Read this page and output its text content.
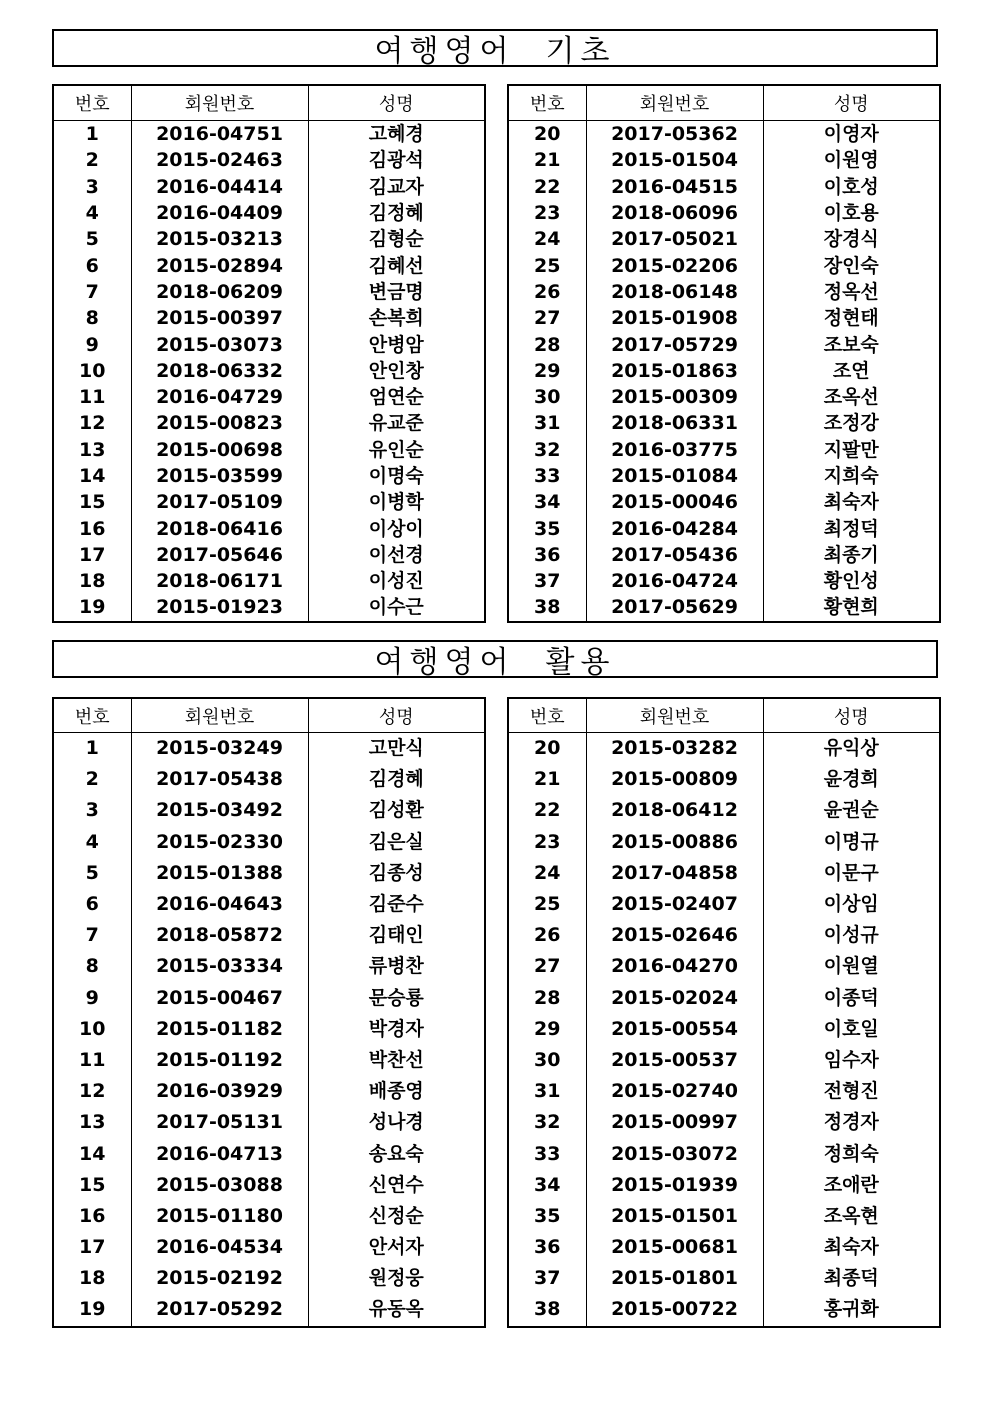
여행영어  기초
번호	회원번호	성명
1	2016-04751	고혜경
2	2015-02463	김광석
3	2016-04414	김교자
4	2016-04409	김정혜
5	2015-03213	김형순
6	2015-02894	김혜선
7	2018-06209	변금명
8	2015-00397	손복희
9	2015-03073	안병암
10	2018-06332	안인창
11	2016-04729	엄연순
12	2015-00823	유교준
13	2015-00698	유인순
14	2015-03599	이명숙
15	2017-05109	이병학
16	2018-06416	이상이
17	2017-05646	이선경
18	2018-06171	이성진
19	2015-01923	이수근
번호	회원번호	성명
20	2017-05362	이영자
21	2015-01504	이원영
22	2016-04515	이호성
23	2018-06096	이호용
24	2017-05021	장경식
25	2015-02206	장인숙
26	2018-06148	정옥선
27	2015-01908	정현태
28	2017-05729	조보숙
29	2015-01863	조연
30	2015-00309	조옥선
31	2018-06331	조정강
32	2016-03775	지팔만
33	2015-01084	지희숙
34	2015-00046	최숙자
35	2016-04284	최정덕
36	2017-05436	최종기
37	2016-04724	황인성
38	2017-05629	황현희
여행영어  활용
번호	회원번호	성명
1	2015-03249	고만식
2	2017-05438	김경혜
3	2015-03492	김성환
4	2015-02330	김은실
5	2015-01388	김종성
6	2016-04643	김준수
7	2018-05872	김태인
8	2015-03334	류병찬
9	2015-00467	문승룡
10	2015-01182	박경자
11	2015-01192	박찬선
12	2016-03929	배종영
13	2017-05131	성나경
14	2016-04713	송요숙
15	2015-03088	신연수
16	2015-01180	신정순
17	2016-04534	안서자
18	2015-02192	원정웅
19	2017-05292	유동옥
번호	회원번호	성명
20	2015-03282	유익상
21	2015-00809	윤경희
22	2018-06412	윤권순
23	2015-00886	이명규
24	2017-04858	이문구
25	2015-02407	이상임
26	2015-02646	이성규
27	2016-04270	이원열
28	2015-02024	이종덕
29	2015-00554	이호일
30	2015-00537	임수자
31	2015-02740	전형진
32	2015-00997	정경자
33	2015-03072	정희숙
34	2015-01939	조애란
35	2015-01501	조옥현
36	2015-00681	최숙자
37	2015-01801	최종덕
38	2015-00722	홍귀화
